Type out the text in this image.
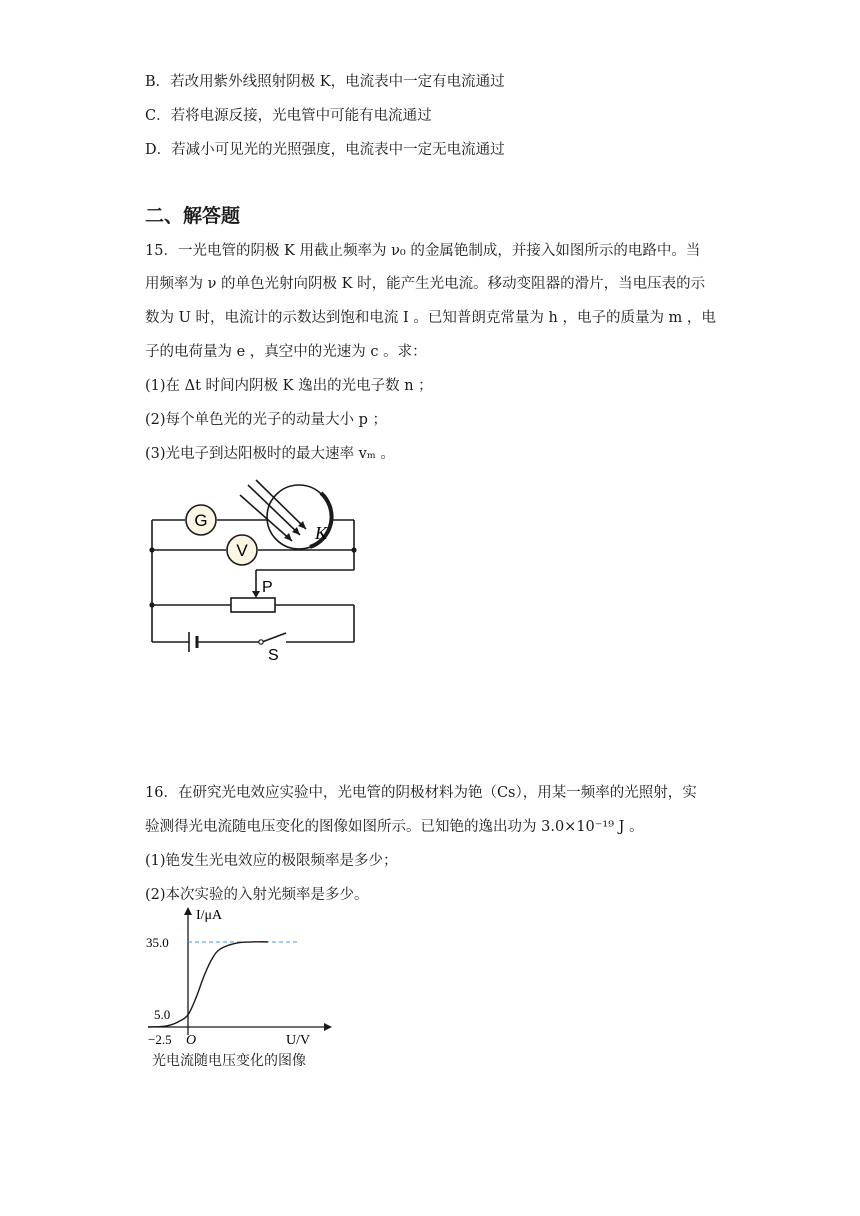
B．若改用紫外线照射阴极 K，电流表中一定有电流通过
C．若将电源反接，光电管中可能有电流通过
D．若减小可见光的光照强度，电流表中一定无电流通过
二、解答题
15．一光电管的阴极 K 用截止频率为 ν₀ 的金属铯制成，并接入如图所示的电路中。当
用频率为 ν 的单色光射向阴极 K 时，能产生光电流。移动变阻器的滑片，当电压表的示
数为 U 时，电流计的示数达到饱和电流 I 。已知普朗克常量为 h ，电子的质量为 m ，电
子的电荷量为 e ，真空中的光速为 c 。求：
(1)在 Δt 时间内阴极 K 逸出的光电子数 n ；
(2)每个单色光的光子的动量大小 p ；
(3)光电子到达阳极时的最大速率 vₘ 。
G
V
K
P
S
16．在研究光电效应实验中，光电管的阴极材料为铯（Cs），用某一频率的光照射，实
验测得光电流随电压变化的图像如图所示。已知铯的逸出功为 3.0×10⁻¹⁹ J 。
(1)铯发生光电效应的极限频率是多少；
(2)本次实验的入射光频率是多少。
I/μA
35.0
5.0
−2.5 O	U/V
光电流随电压变化的图像
